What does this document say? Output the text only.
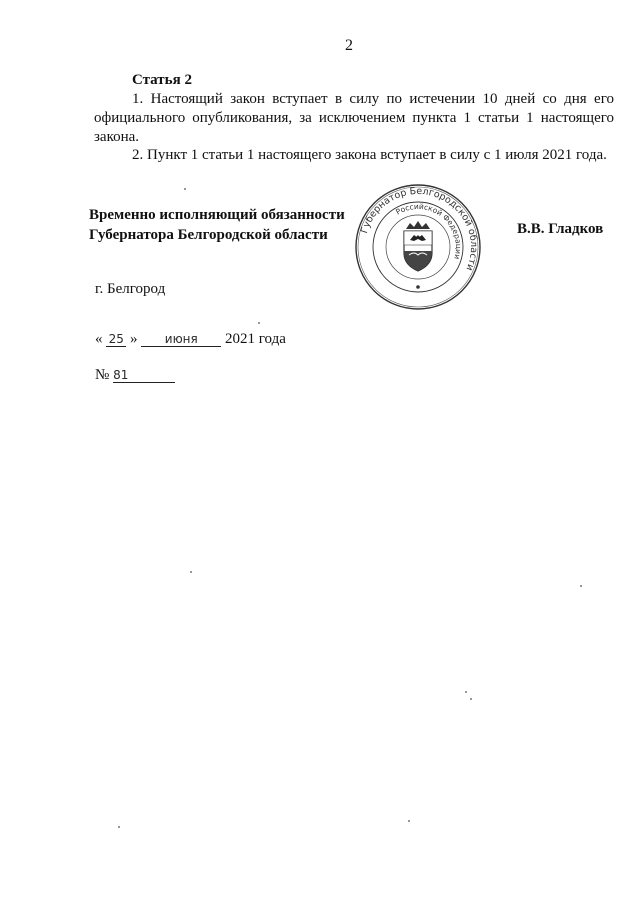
2
Статья 2
1. Настоящий закон вступает в силу по истечении 10 дней со дня его официального опубликования, за исключением пункта 1 статьи 1 настоящего закона.
2. Пункт 1 статьи 1 настоящего закона вступает в силу с 1 июля 2021 года.
Временно исполняющий обязанности
Губернатора Белгородской области	Губернатор Белгородской области
Российской Федерации
В.В. Гладков
г. Белгород
« 25 » июня 2021 года
№ 81
